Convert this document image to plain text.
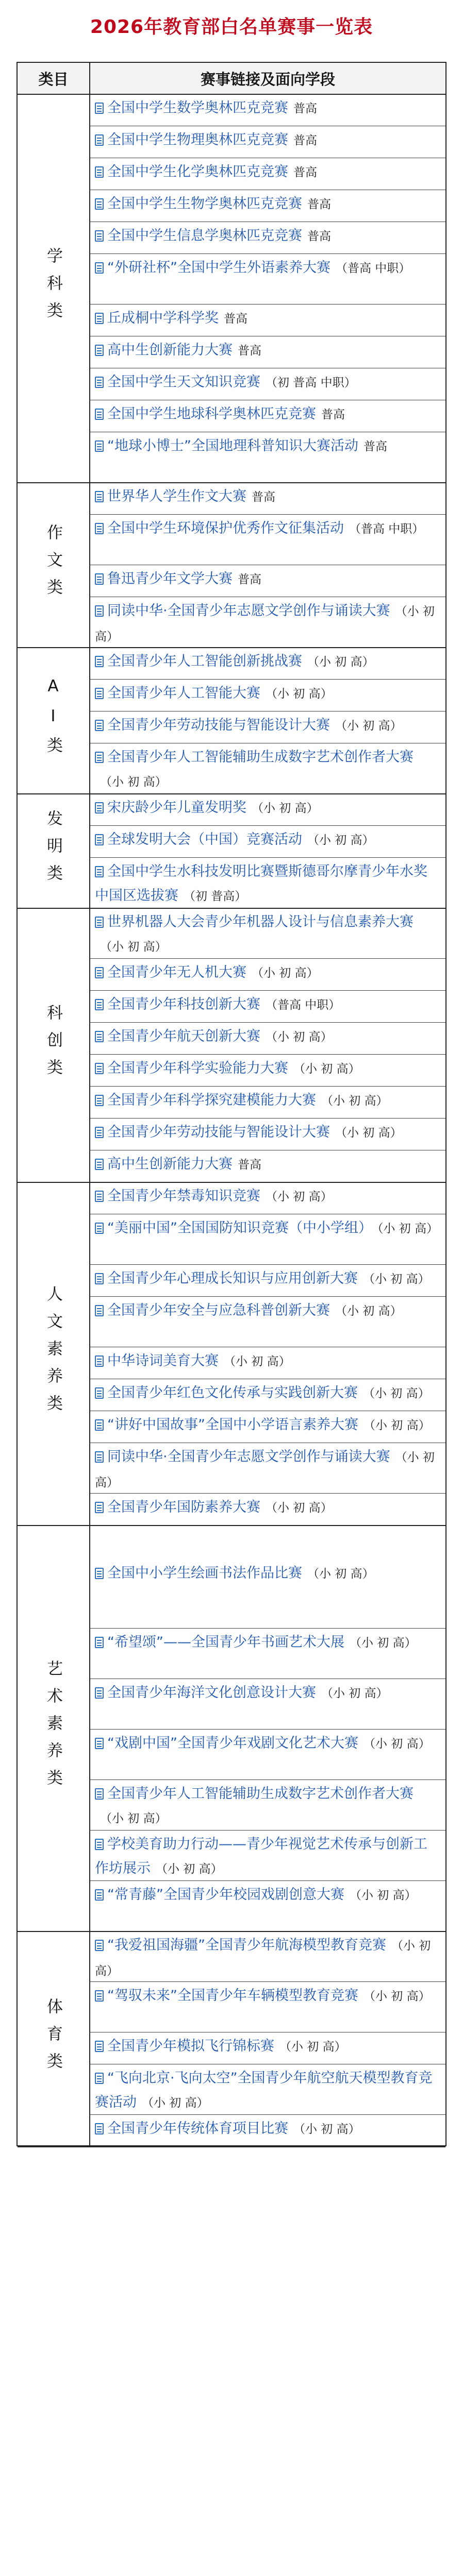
2026年教育部白名单赛事一览表
类目	赛事链接及面向学段
全国中学生数学奥林匹克竞赛 普高
全国中学生物理奥林匹克竞赛 普高
全国中学生化学奥林匹克竞赛 普高
全国中学生生物学奥林匹克竞赛 普高
全国中学生信息学奥林匹克竞赛 普高
“外研社杯”全国中学生外语素养大赛 （普高 中职）
丘成桐中学科学奖 普高
高中生创新能力大赛 普高
全国中学生天文知识竞赛 （初 普高 中职）
全国中学生地球科学奥林匹克竞赛 普高
“地球小博士”全国地理科普知识大赛活动 普高
学科类
世界华人学生作文大赛 普高
全国中学生环境保护优秀作文征集活动 （普高 中职）
鲁迅青少年文学大赛 普高
同读中华·全国青少年志愿文学创作与诵读大赛 （小 初 高）
作文类
全国青少年人工智能创新挑战赛 （小 初 高）
全国青少年人工智能大赛 （小 初 高）
全国青少年劳动技能与智能设计大赛 （小 初 高）
全国青少年人工智能辅助生成数字艺术创作者大赛（小 初 高）
AI类
宋庆龄少年儿童发明奖 （小 初 高）
全球发明大会（中国）竞赛活动 （小 初 高）
全国中学生水科技发明比赛暨斯德哥尔摩青少年水奖中国区选拔赛 （初 普高）
发明类
世界机器人大会青少年机器人设计与信息素养大赛（小 初 高）
全国青少年无人机大赛 （小 初 高）
全国青少年科技创新大赛 （普高 中职）
全国青少年航天创新大赛 （小 初 高）
全国青少年科学实验能力大赛 （小 初 高）
全国青少年科学探究建模能力大赛 （小 初 高）
全国青少年劳动技能与智能设计大赛 （小 初 高）
高中生创新能力大赛 普高
科创类
全国青少年禁毒知识竞赛 （小 初 高）
“美丽中国”全国国防知识竞赛（中小学组） （小 初 高）
全国青少年心理成长知识与应用创新大赛 （小 初 高）
全国青少年安全与应急科普创新大赛 （小 初 高）
中华诗词美育大赛 （小 初 高）
全国青少年红色文化传承与实践创新大赛 （小 初 高）
“讲好中国故事”全国中小学语言素养大赛 （小 初 高）
同读中华·全国青少年志愿文学创作与诵读大赛 （小 初 高）
全国青少年国防素养大赛 （小 初 高）
人文素养类
全国中小学生绘画书法作品比赛 （小 初 高）
“希望颂”——全国青少年书画艺术大展 （小 初 高）
全国青少年海洋文化创意设计大赛 （小 初 高）
“戏剧中国”全国青少年戏剧文化艺术大赛 （小 初 高）
全国青少年人工智能辅助生成数字艺术创作者大赛（小 初 高）
学校美育助力行动——青少年视觉艺术传承与创新工作坊展示 （小 初 高）
“常青藤”全国青少年校园戏剧创意大赛 （小 初 高）
艺术素养类
“我爱祖国海疆”全国青少年航海模型教育竞赛 （小 初 高）
“驾驭未来”全国青少年车辆模型教育竞赛 （小 初 高）
全国青少年模拟飞行锦标赛 （小 初 高）
“飞向北京·飞向太空”全国青少年航空航天模型教育竞赛活动 （小 初 高）
全国青少年传统体育项目比赛 （小 初 高）
体育类
